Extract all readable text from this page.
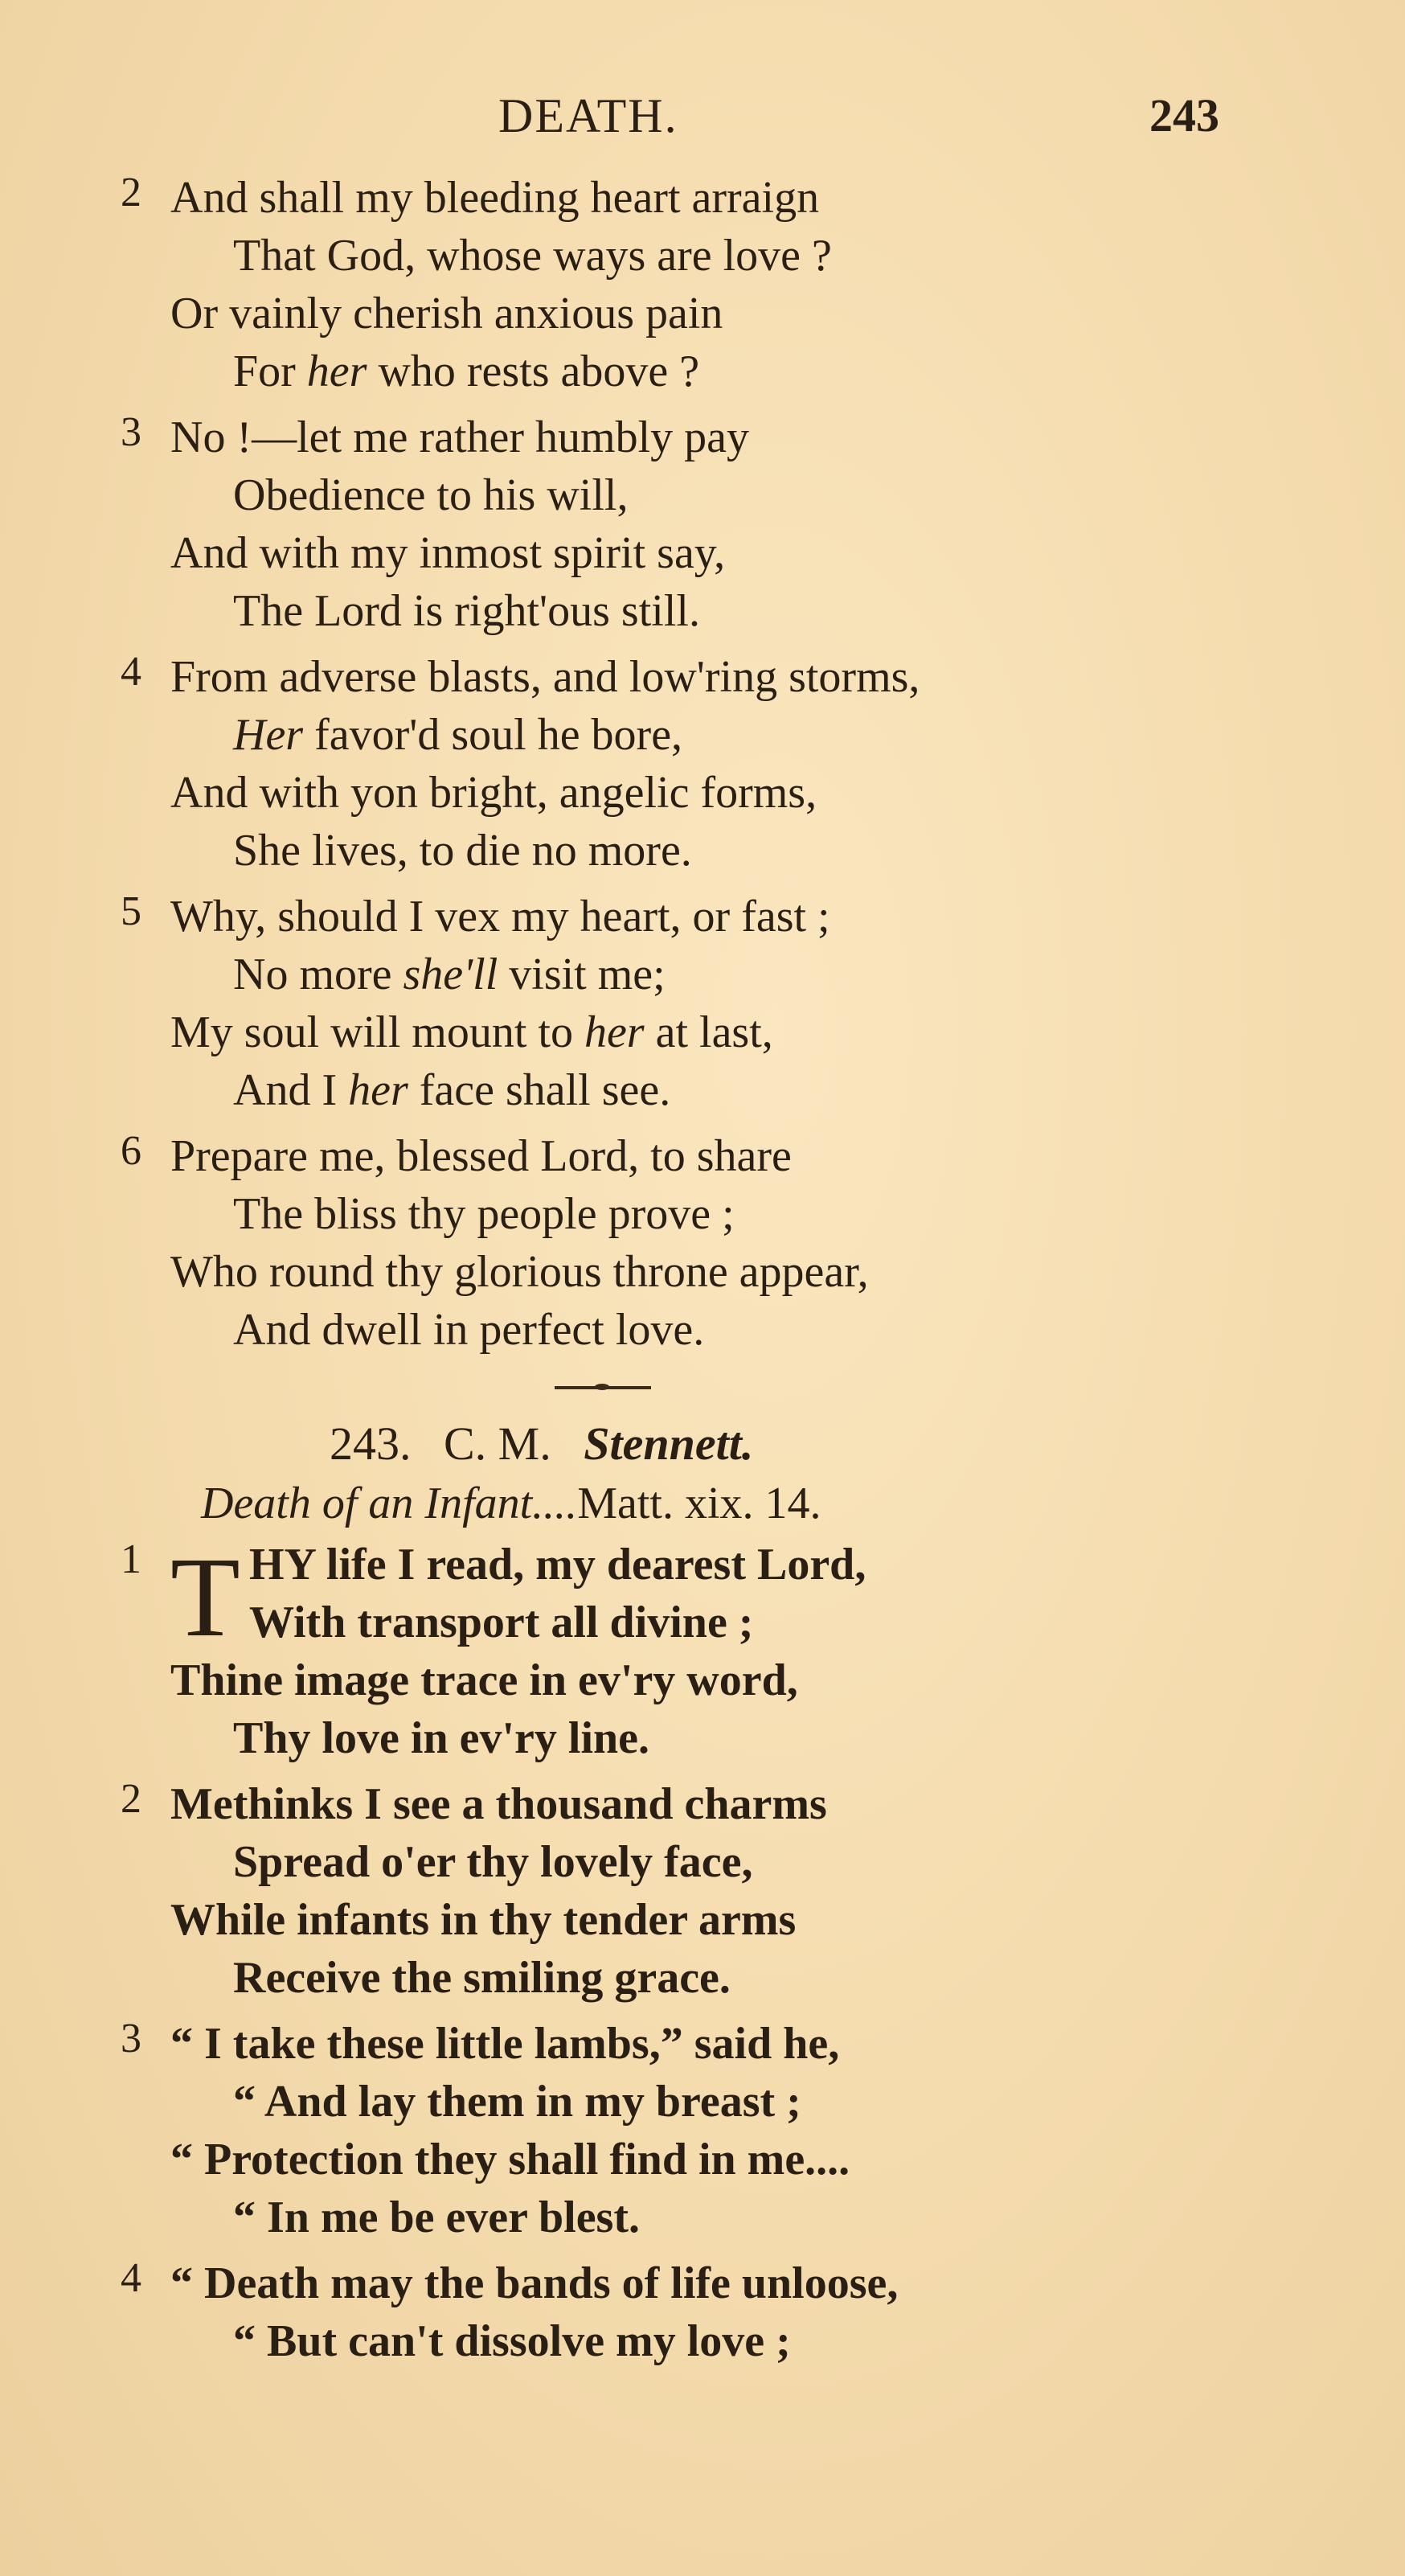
DEATH.	243
2 And shall my bleeding heart arraign
That God, whose ways are love ?
Or vainly cherish anxious pain
For her who rests above ?
3 No !—let me rather humbly pay
Obedience to his will,
And with my inmost spirit say,
The Lord is right'ous still.
4 From adverse blasts, and low'ring storms,
Her favor'd soul he bore,
And with yon bright, angelic forms,
She lives, to die no more.
5 Why, should I vex my heart, or fast ;
No more she'll visit me;
My soul will mount to her at last,
And I her face shall see.
6 Prepare me, blessed Lord, to share
The bliss thy people prove ;
Who round thy glorious throne appear,
And dwell in perfect love.
243. C. M. Stennett.
Death of an Infant....Matt. xix. 14.
1 T HY life I read, my dearest Lord,
With transport all divine ;
Thine image trace in ev'ry word,
Thy love in ev'ry line.
2 Methinks I see a thousand charms
Spread o'er thy lovely face,
While infants in thy tender arms
Receive the smiling grace.
3 “ I take these little lambs,” said he,
“ And lay them in my breast ;
“ Protection they shall find in me....
“ In me be ever blest.
4 “ Death may the bands of life unloose,
“ But can't dissolve my love ;
